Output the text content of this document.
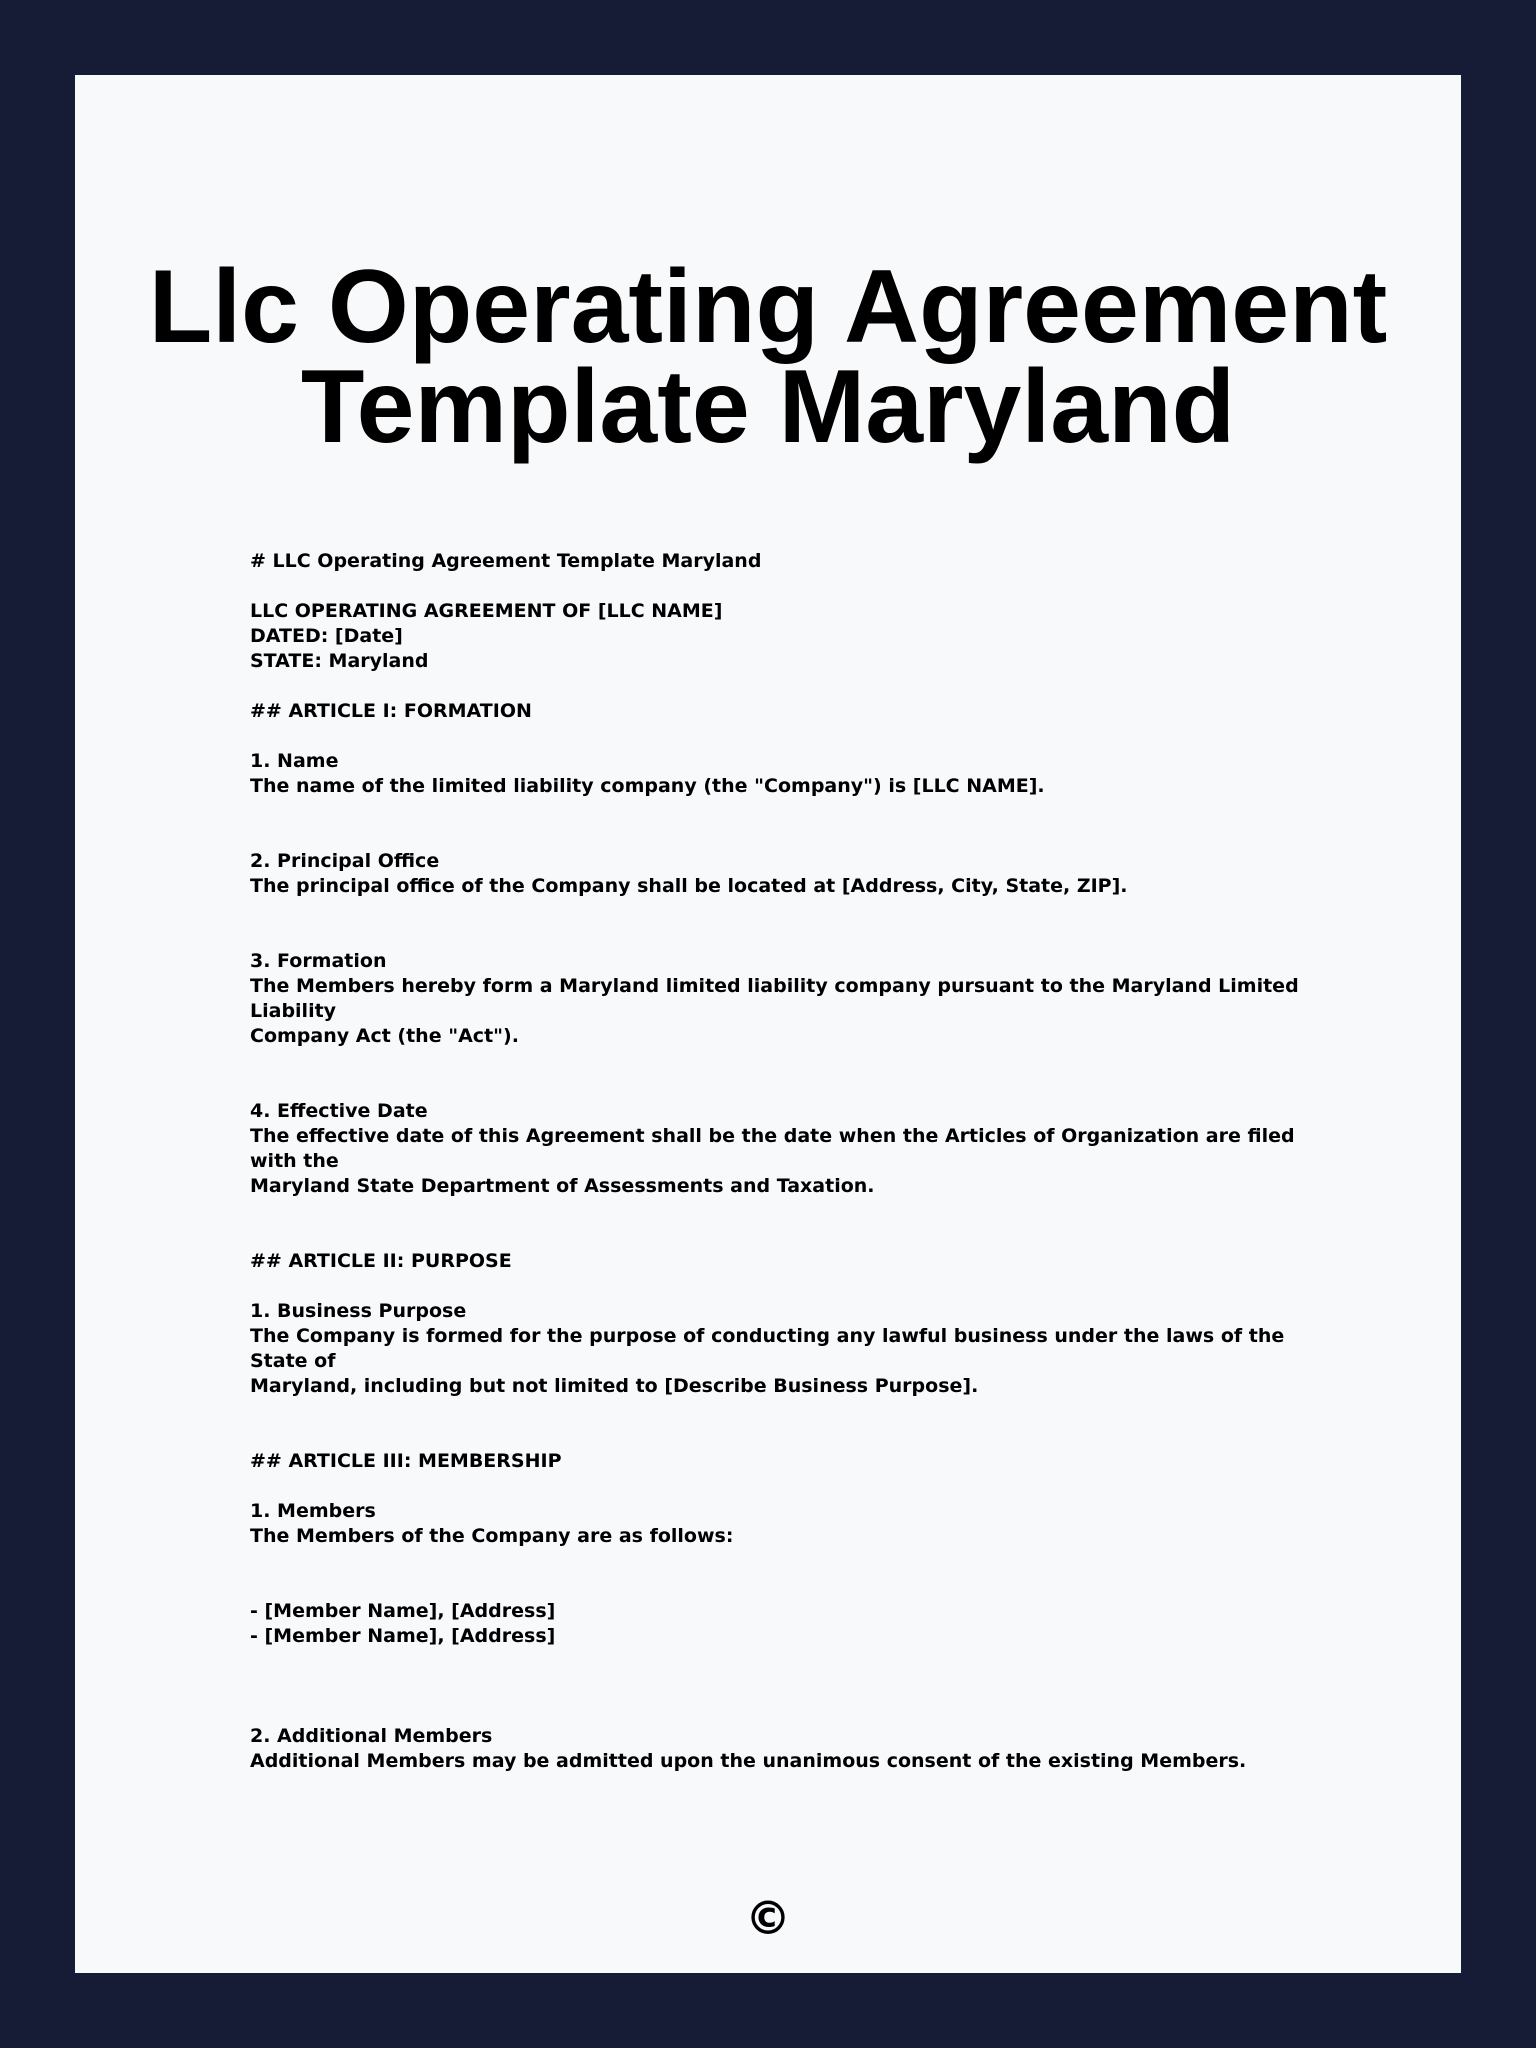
Llc Operating Agreement
Template Maryland
# LLC Operating Agreement Template Maryland
LLC OPERATING AGREEMENT OF [LLC NAME]
DATED: [Date]
STATE: Maryland
## ARTICLE I: FORMATION
1. Name
The name of the limited liability company (the "Company") is [LLC NAME].
2. Principal Office
The principal office of the Company shall be located at [Address, City, State, ZIP].
3. Formation
The Members hereby form a Maryland limited liability company pursuant to the Maryland Limited Liability
Company Act (the "Act").
4. Effective Date
The effective date of this Agreement shall be the date when the Articles of Organization are filed with the
Maryland State Department of Assessments and Taxation.
## ARTICLE II: PURPOSE
1. Business Purpose
The Company is formed for the purpose of conducting any lawful business under the laws of the State of
Maryland, including but not limited to [Describe Business Purpose].
## ARTICLE III: MEMBERSHIP
1. Members
The Members of the Company are as follows:
- [Member Name], [Address]
- [Member Name], [Address]
2. Additional Members
Additional Members may be admitted upon the unanimous consent of the existing Members.
©
